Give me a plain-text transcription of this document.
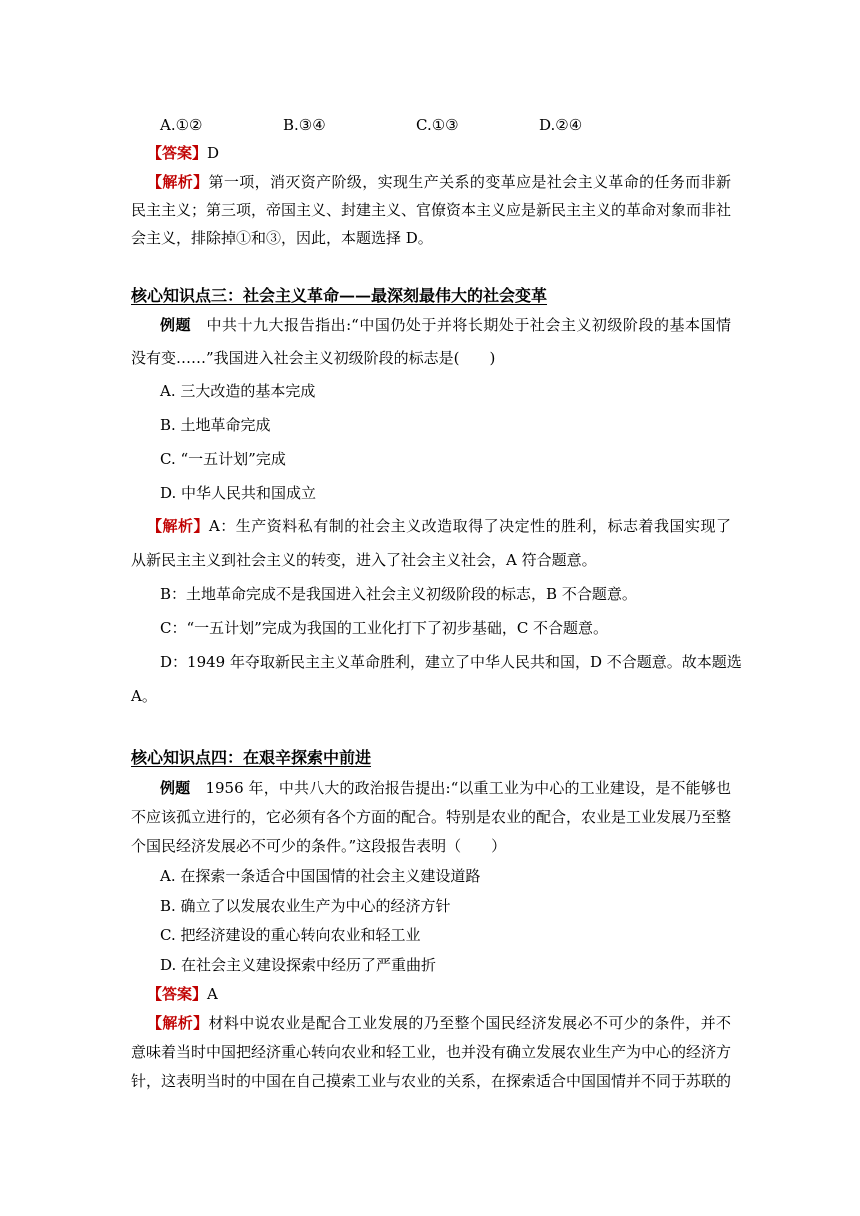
A.①②	B.③④	C.①③	D.②④
【答案】D
【解析】第一项，消灭资产阶级，实现生产关系的变革应是社会主义革命的任务而非新
民主主义；第三项，帝国主义、封建主义、官僚资本主义应是新民主主义的革命对象而非社
会主义，排除掉①和③，因此，本题选择 D。
核心知识点三：社会主义革命——最深刻最伟大的社会变革
例题　 中共十九大报告指出:“中国仍处于并将长期处于社会主义初级阶段的基本国情
没有变……”我国进入社会主义初级阶段的标志是(　　)
A. 三大改造的基本完成
B. 土地革命完成
C. “一五计划”完成
D. 中华人民共和国成立
【解析】A：生产资料私有制的社会主义改造取得了决定性的胜利，标志着我国实现了
从新民主主义到社会主义的转变，进入了社会主义社会，A 符合题意。
B：土地革命完成不是我国进入社会主义初级阶段的标志，B 不合题意。
C：“一五计划”完成为我国的工业化打下了初步基础，C 不合题意。
D：1949 年夺取新民主主义革命胜利，建立了中华人民共和国，D 不合题意。故本题选
A。
核心知识点四：在艰辛探索中前进
例题　 1956 年，中共八大的政治报告提出:“以重工业为中心的工业建设，是不能够也
不应该孤立进行的，它必须有各个方面的配合。特别是农业的配合，农业是工业发展乃至整
个国民经济发展必不可少的条件。”这段报告表明（　　）
A. 在探索一条适合中国国情的社会主义建设道路
B. 确立了以发展农业生产为中心的经济方针
C. 把经济建设的重心转向农业和轻工业
D. 在社会主义建设探索中经历了严重曲折
【答案】A
【解析】材料中说农业是配合工业发展的乃至整个国民经济发展必不可少的条件，并不
意味着当时中国把经济重心转向农业和轻工业，也并没有确立发展农业生产为中心的经济方
针，这表明当时的中国在自己摸索工业与农业的关系，在探索适合中国国情并不同于苏联的
